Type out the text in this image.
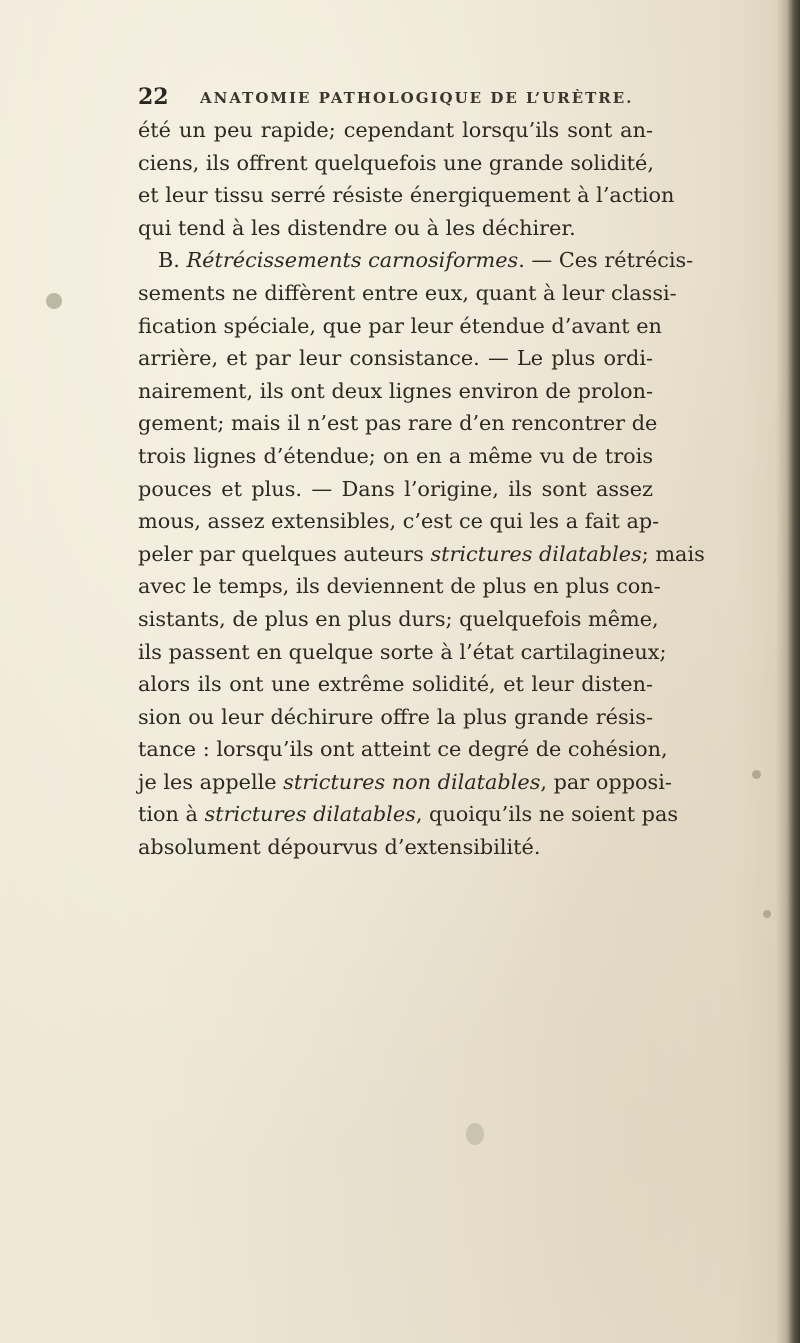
22 ANATOMIE PATHOLOGIQUE DE L’URÈTRE.
été un peu rapide; cependant lorsqu’ils sont an-
ciens, ils offrent quelquefois une grande solidité,
et leur tissu serré résiste énergiquement à l’action
qui tend à les distendre ou à les déchirer.
B. Rétrécissements carnosiformes. — Ces rétrécis-
sements ne diffèrent entre eux, quant à leur classi-
fication spéciale, que par leur étendue d’avant en
arrière, et par leur consistance. — Le plus ordi-
nairement, ils ont deux lignes environ de prolon-
gement; mais il n’est pas rare d’en rencontrer de
trois lignes d’étendue; on en a même vu de trois
pouces et plus. — Dans l’origine, ils sont assez
mous, assez extensibles, c’est ce qui les a fait ap-
peler par quelques auteurs strictures dilatables; mais
avec le temps, ils deviennent de plus en plus con-
sistants, de plus en plus durs; quelquefois même,
ils passent en quelque sorte à l’état cartilagineux;
alors ils ont une extrême solidité, et leur disten-
sion ou leur déchirure offre la plus grande résis-
tance : lorsqu’ils ont atteint ce degré de cohésion,
je les appelle strictures non dilatables, par opposi-
tion à strictures dilatables, quoiqu’ils ne soient pas
absolument dépourvus d’extensibilité.
